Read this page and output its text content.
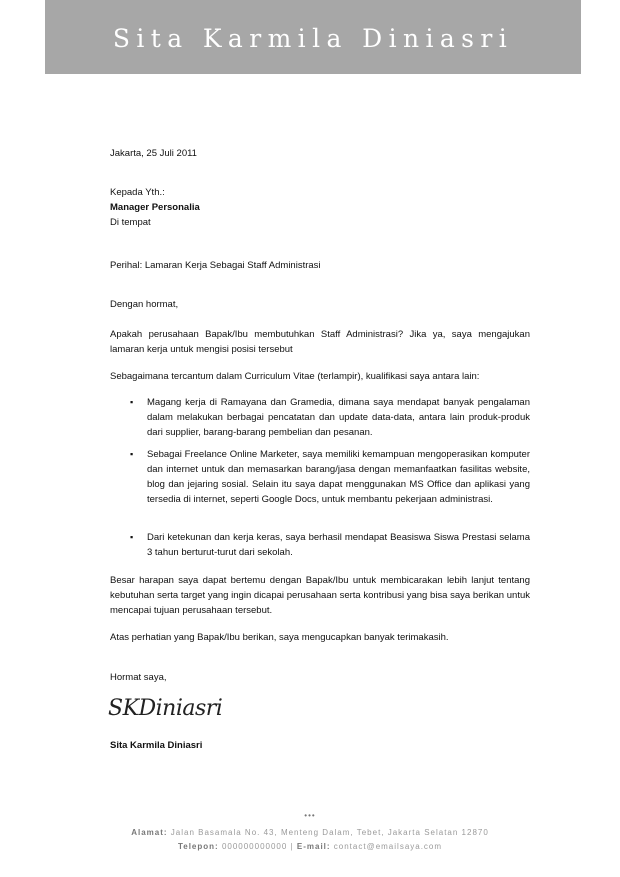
Sita Karmila Diniasri
Jakarta, 25 Juli 2011
Kepada Yth.:
Manager Personalia
Di tempat
Perihal: Lamaran Kerja Sebagai Staff Administrasi
Dengan hormat,
Apakah perusahaan Bapak/Ibu membutuhkan Staff Administrasi? Jika ya, saya mengajukan lamaran kerja untuk mengisi posisi tersebut
Sebagaimana tercantum dalam Curriculum Vitae (terlampir), kualifikasi saya antara lain:
▪ Magang kerja di Ramayana dan Gramedia, dimana saya mendapat banyak pengalaman dalam melakukan berbagai pencatatan dan update data-data, antara lain produk-produk dari supplier, barang-barang pembelian dan pesanan.
▪ Sebagai Freelance Online Marketer, saya memiliki kemampuan mengoperasikan komputer dan internet untuk dan memasarkan barang/jasa dengan memanfaatkan fasilitas website, blog dan jejaring sosial. Selain itu saya dapat menggunakan MS Office dan aplikasi yang tersedia di internet, seperti Google Docs, untuk membantu pekerjaan administrasi.
▪ Dari ketekunan dan kerja keras, saya berhasil mendapat Beasiswa Siswa Prestasi selama 3 tahun berturut-turut dari sekolah.
Besar harapan saya dapat bertemu dengan Bapak/Ibu untuk membicarakan lebih lanjut tentang kebutuhan serta target yang ingin dicapai perusahaan serta kontribusi yang bisa saya berikan untuk mencapai tujuan perusahaan tersebut.
Atas perhatian yang Bapak/Ibu berikan, saya mengucapkan banyak terimakasih.
Hormat saya,
SKDiniasri
Sita Karmila Diniasri
•••
Alamat: Jalan Basamala No. 43, Menteng Dalam, Tebet, Jakarta Selatan 12870
Telepon: 000000000000 | E-mail: contact@emailsaya.com
